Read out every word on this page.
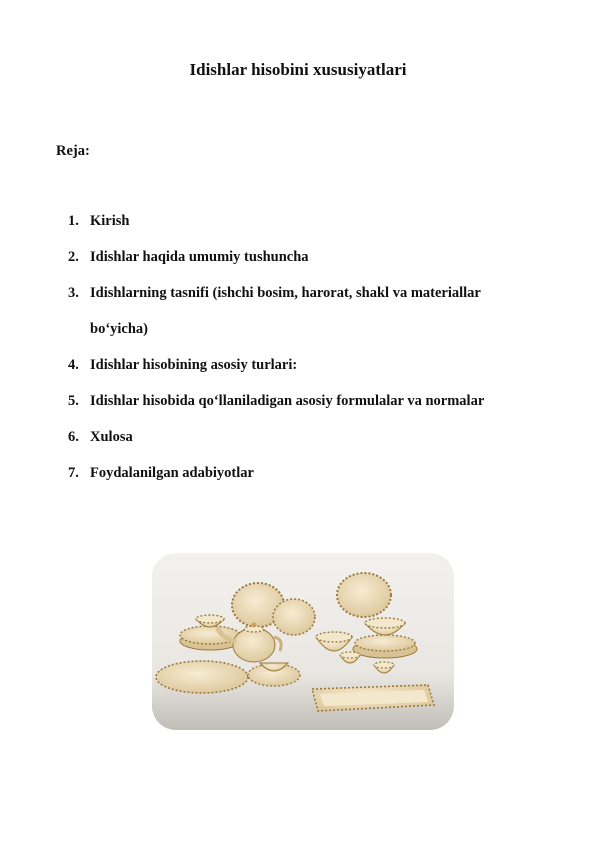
Idishlar hisobini xususiyatlari

Reja:

1. Kirish
2. Idishlar haqida umumiy tushuncha
3. Idishlarning tasnifi (ishchi bosim, harorat, shakl va materiallar bo‘yicha)
4. Idishlar hisobining asosiy turlari:
5. Idishlar hisobida qo‘llaniladigan asosiy formulalar va normalar
6. Xulosa
7. Foydalanilgan adabiyotlar
